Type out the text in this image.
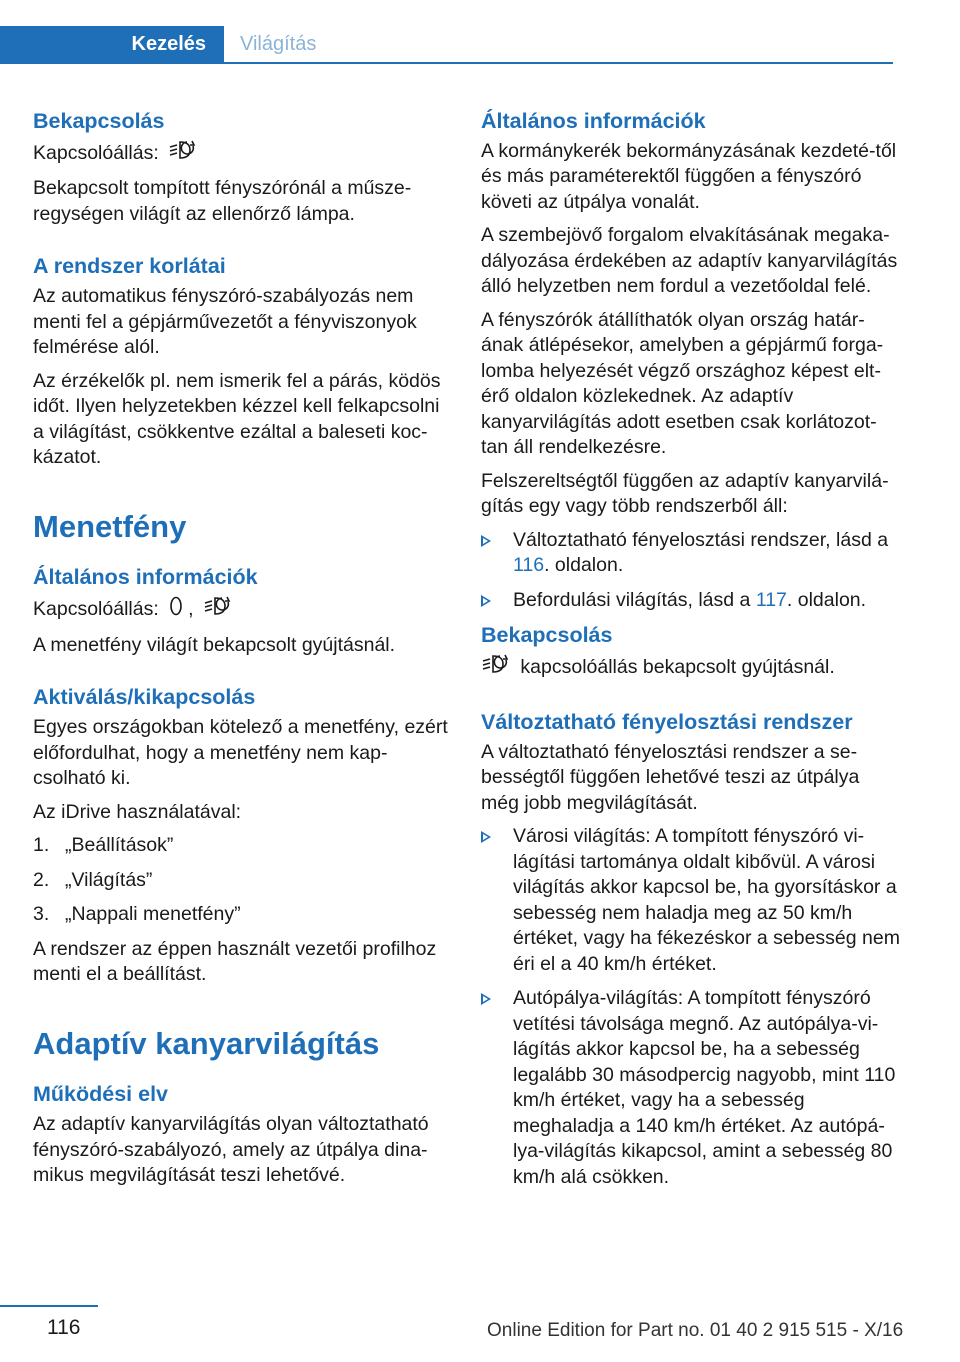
Kezelés	Világítás
Bekapcsolás

Kapcsolóállás:

Bekapcsolt tompított fényszórónál a műsze-regységen világít az ellenőrző lámpa.

A rendszer korlátai

Az automatikus fényszóró-szabályozás nem menti fel a gépjárművezetőt a fényviszonyok felmérése alól.

Az érzékelők pl. nem ismerik fel a párás, ködös időt. Ilyen helyzetekben kézzel kell felkapcsolni a világítást, csökkentve ezáltal a baleseti koc-kázatot.

Menetfény
Általános információk

Kapcsolóállás: ,

A menetfény világít bekapcsolt gyújtásnál.

Aktiválás/kikapcsolás

Egyes országokban kötelező a menetfény, ezért előfordulhat, hogy a menetfény nem kap-csolható ki.

Az iDrive használatával:

1. „Beállítások”
2. „Világítás”
3. „Nappali menetfény”

A rendszer az éppen használt vezetői profilhoz menti el a beállítást.

Adaptív kanyarvilágítás
Működési elv

Az adaptív kanyarvilágítás olyan változtatható fényszóró-szabályozó, amely az útpálya dina-mikus megvilágítását teszi lehetővé.

Általános információk

A kormánykerék bekormányzásának kezdeté-től és más paraméterektől függően a fényszóró követi az útpálya vonalát.

A szembejövő forgalom elvakításának megaka-dályozása érdekében az adaptív kanyarvilágítás álló helyzetben nem fordul a vezetőoldal felé.

A fényszórók átállíthatók olyan ország határ-ának átlépésekor, amelyben a gépjármű forga-lomba helyezését végző országhoz képest elt-érő oldalon közlekednek. Az adaptív kanyarvilágítás adott esetben csak korlátozot-tan áll rendelkezésre.

Felszereltségtől függően az adaptív kanyarvilá-gítás egy vagy több rendszerből áll:

Változtatható fényelosztási rendszer, lásd a 116. oldalon.
Befordulási világítás, lásd a 117. oldalon.
Bekapcsolás

kapcsolóállás bekapcsolt gyújtásnál.

Változtatható fényelosztási rendszer

A változtatható fényelosztási rendszer a se-bességtől függően lehetővé teszi az útpálya még jobb megvilágítását.

Városi világítás: A tompított fényszóró vi-lágítási tartománya oldalt kibővül. A városi világítás akkor kapcsol be, ha gyorsításkor a sebesség nem haladja meg az 50 km/h értéket, vagy ha fékezéskor a sebesség nem éri el a 40 km/h értéket.
Autópálya-világítás: A tompított fényszóró vetítési távolsága megnő. Az autópálya-vi-lágítás akkor kapcsol be, ha a sebesség legalább 30 másodpercig nagyobb, mint 110 km/h értéket, vagy ha a sebesség meghaladja a 140 km/h értéket. Az autópá-lya-világítás kikapcsol, amint a sebesség 80 km/h alá csökken.
116	Online Edition for Part no. 01 40 2 915 515 - X/16
